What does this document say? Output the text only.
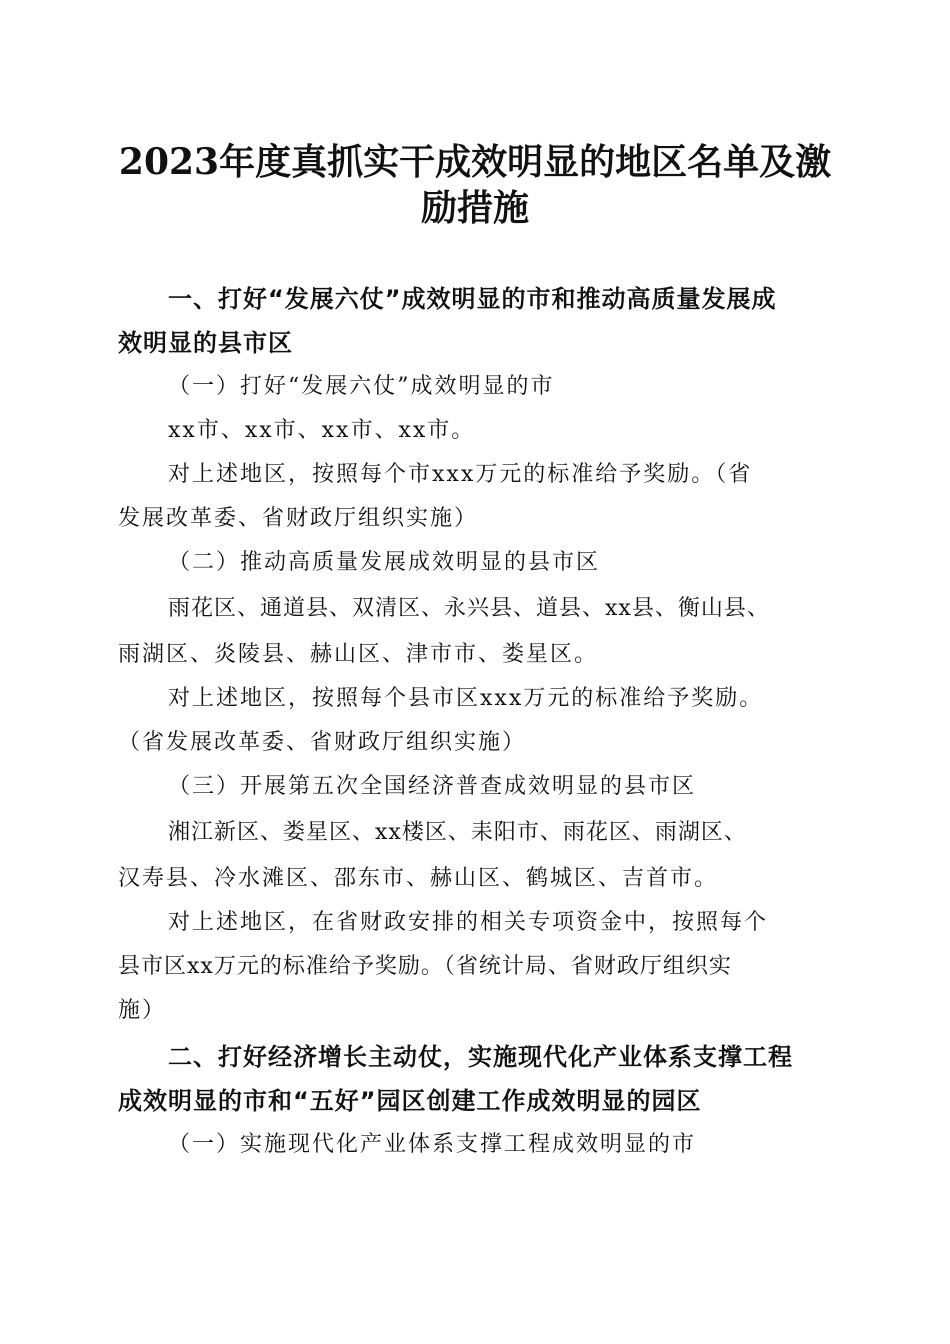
2023年度真抓实干成效明显的地区名单及激
励措施
一、打好“发展六仗”成效明显的市和推动高质量发展成
效明显的县市区
（一）打好“发展六仗”成效明显的市
xx市、xx市、xx市、xx市。
对上述地区，按照每个市xxx万元的标准给予奖励。（省
发展改革委、省财政厅组织实施）
（二）推动高质量发展成效明显的县市区
雨花区、通道县、双清区、永兴县、道县、xx县、衡山县、
雨湖区、炎陵县、赫山区、津市市、娄星区。
对上述地区，按照每个县市区xxx万元的标准给予奖励。
（省发展改革委、省财政厅组织实施）
（三）开展第五次全国经济普查成效明显的县市区
湘江新区、娄星区、xx楼区、耒阳市、雨花区、雨湖区、
汉寿县、冷水滩区、邵东市、赫山区、鹤城区、吉首市。
对上述地区，在省财政安排的相关专项资金中，按照每个
县市区xx万元的标准给予奖励。（省统计局、省财政厅组织实
施）
二、打好经济增长主动仗，实施现代化产业体系支撑工程
成效明显的市和“五好”园区创建工作成效明显的园区
（一）实施现代化产业体系支撑工程成效明显的市
